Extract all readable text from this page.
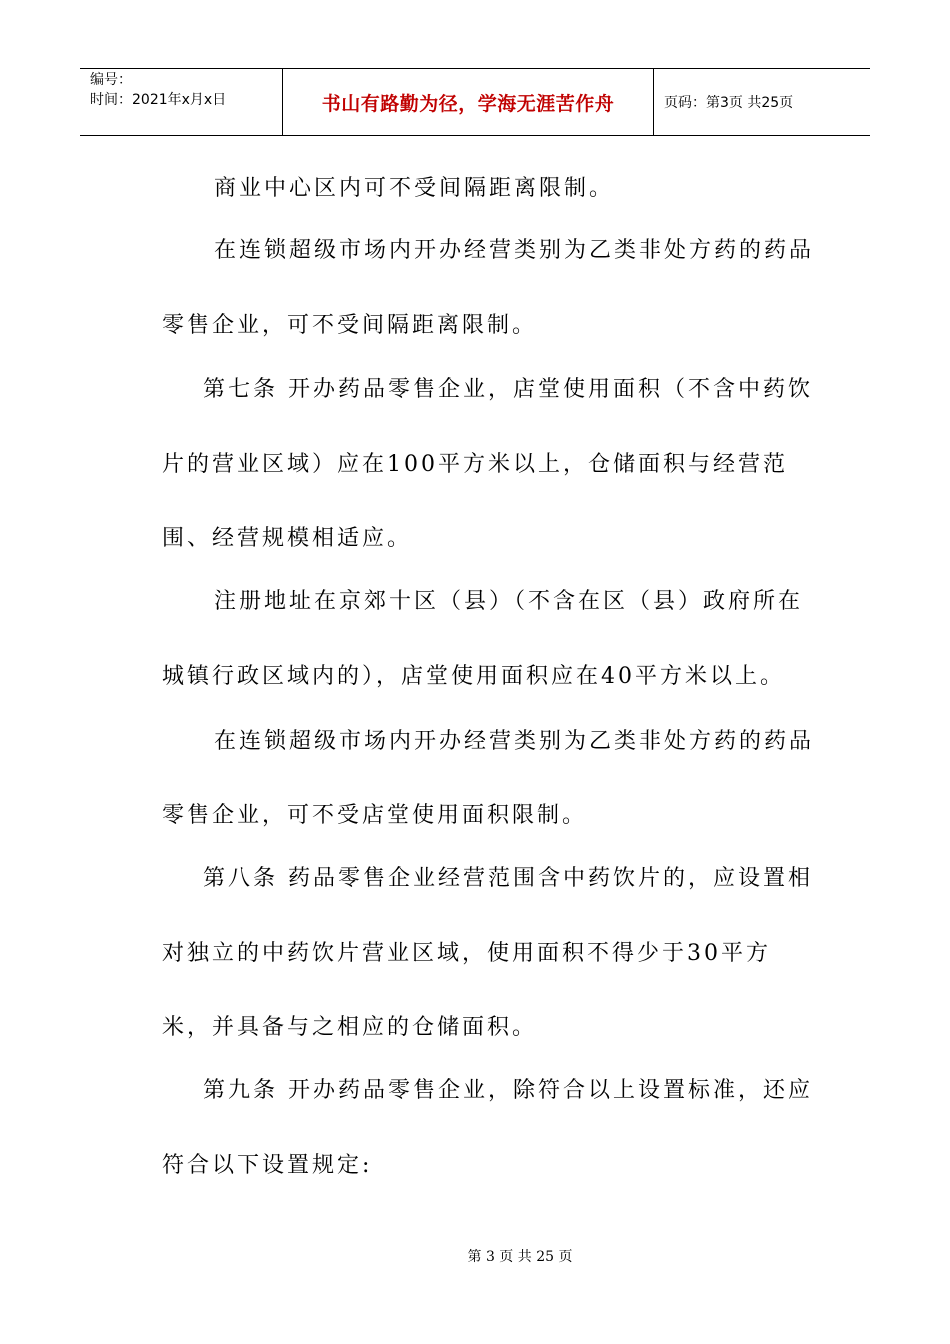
编号：
时间：2021年x月x日	书山有路勤为径，学海无涯苦作舟	页码：第3页 共25页
商业中心区内可不受间隔距离限制。
在连锁超级市场内开办经营类别为乙类非处方药的药品
零售企业，可不受间隔距离限制。
第七条 开办药品零售企业，店堂使用面积（不含中药饮
片的营业区域）应在100平方米以上，仓储面积与经营范
围、经营规模相适应。
注册地址在京郊十区（县）（不含在区（县）政府所在
城镇行政区域内的），店堂使用面积应在40平方米以上。
在连锁超级市场内开办经营类别为乙类非处方药的药品
零售企业，可不受店堂使用面积限制。
第八条 药品零售企业经营范围含中药饮片的，应设置相
对独立的中药饮片营业区域，使用面积不得少于30平方
米，并具备与之相应的仓储面积。
第九条 开办药品零售企业，除符合以上设置标准，还应
符合以下设置规定:
第 3 页 共 25 页
